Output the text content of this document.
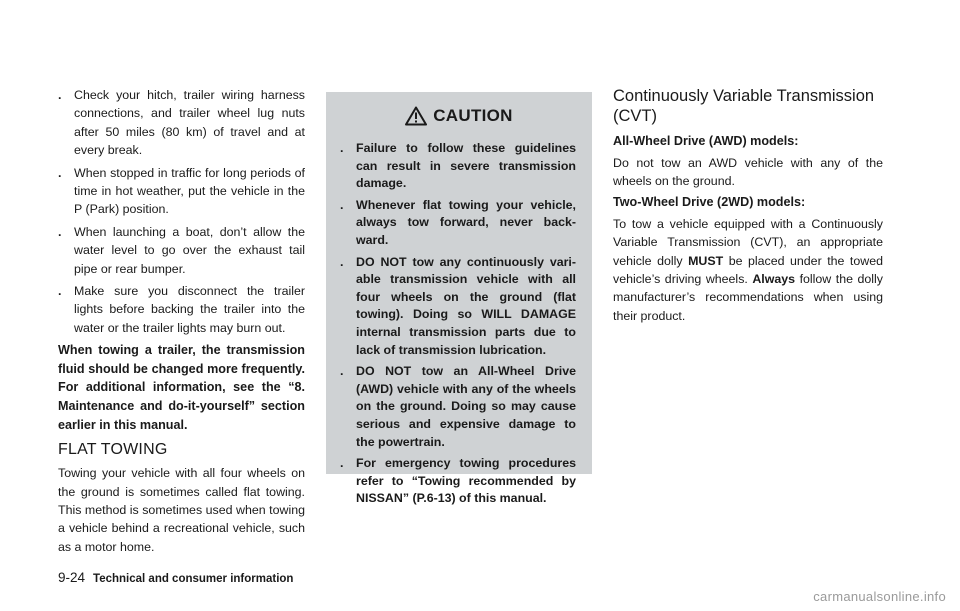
. Check your hitch, trailer wiring harness connections, and trailer wheel lug nuts after 50 miles (80 km) of travel and at every break.
. When stopped in traffic for long periods of time in hot weather, put the vehicle in the P (Park) position.
. When launching a boat, don’t allow the water level to go over the exhaust tail pipe or rear bumper.
. Make sure you disconnect the trailer lights before backing the trailer into the water or the trailer lights may burn out.

When towing a trailer, the transmission fluid should be changed more frequently. For additional information, see the “8. Maintenance and do-it-yourself” section earlier in this manual.

FLAT TOWING

Towing your vehicle with all four wheels on the ground is sometimes called flat towing. This method is sometimes used when towing a vehicle behind a recreational vehicle, such as a motor home.

CAUTION
. Failure to follow these guidelines can result in severe transmission damage.
. Whenever flat towing your vehicle, always tow forward, never back-ward.
. DO NOT tow any continuously vari-able transmission vehicle with all four wheels on the ground (flat towing). Doing so WILL DAMAGE internal transmission parts due to lack of transmission lubrication.
. DO NOT tow an All-Wheel Drive (AWD) vehicle with any of the wheels on the ground. Doing so may cause serious and expensive damage to the powertrain.
. For emergency towing procedures refer to “Towing recommended by NISSAN” (P.6-13) of this manual.
Continuously Variable Transmission (CVT)
All-Wheel Drive (AWD) models:

Do not tow an AWD vehicle with any of the wheels on the ground.

Two-Wheel Drive (2WD) models:

To tow a vehicle equipped with a Continuously Variable Transmission (CVT), an appropriate vehicle dolly MUST be placed under the towed vehicle’s driving wheels. Always follow the dolly manufacturer’s recommendations when using their product.

9-24 Technical and consumer information
carmanualsonline.info
